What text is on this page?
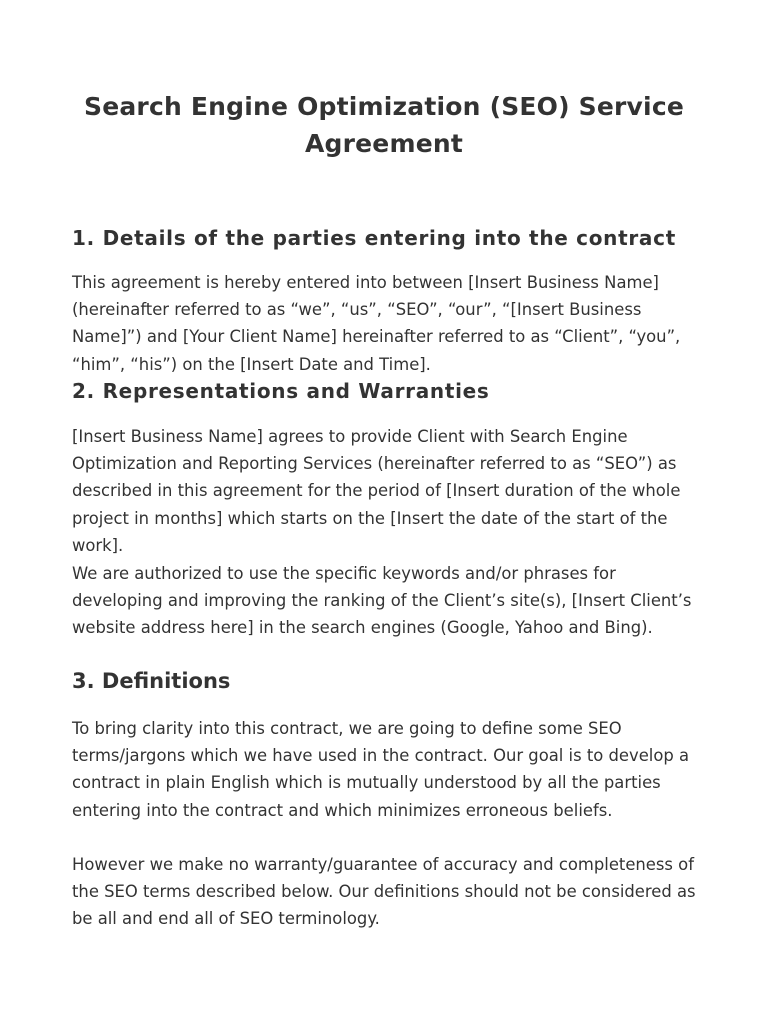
Search Engine Optimization (SEO) Service Agreement
1. Details of the parties entering into the contract

This agreement is hereby entered into between [Insert Business Name] (hereinafter referred to as “we”, “us”, “SEO”, “our”, “[Insert Business Name]”) and [Your Client Name] hereinafter referred to as “Client”, “you”, “him”, “his”) on the [Insert Date and Time].

2. Representations and Warranties

[Insert Business Name] agrees to provide Client with Search Engine Optimization and Reporting Services (hereinafter referred to as “SEO”) as described in this agreement for the period of [Insert duration of the whole project in months] which starts on the [Insert the date of the start of the work].

We are authorized to use the specific keywords and/or phrases for developing and improving the ranking of the Client’s site(s), [Insert Client’s website address here] in the search engines (Google, Yahoo and Bing).

3. Definitions

To bring clarity into this contract, we are going to define some SEO terms/jargons which we have used in the contract. Our goal is to develop a contract in plain English which is mutually understood by all the parties entering into the contract and which minimizes erroneous beliefs.

However we make no warranty/guarantee of accuracy and completeness of the SEO terms described below. Our definitions should not be considered as be all and end all of SEO terminology.
